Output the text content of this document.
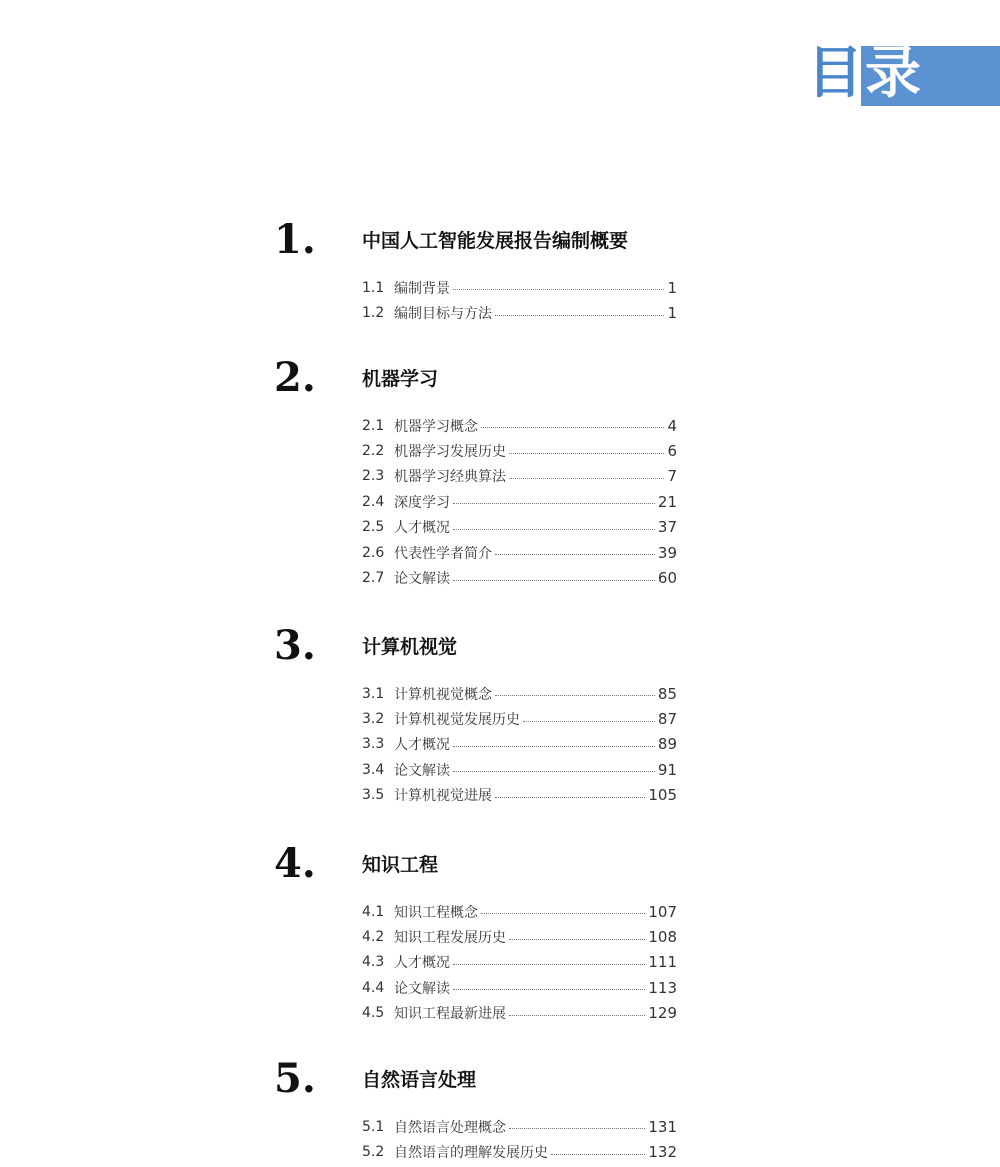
目录
1. 中国人工智能发展报告编制概要
1.1 编制背景	1
1.2 编制目标与方法	1
2. 机器学习
2.1 机器学习概念	4
2.2 机器学习发展历史	6
2.3 机器学习经典算法	7
2.4 深度学习	21
2.5 人才概况	37
2.6 代表性学者简介	39
2.7 论文解读	60
3. 计算机视觉
3.1 计算机视觉概念	85
3.2 计算机视觉发展历史	87
3.3 人才概况	89
3.4 论文解读	91
3.5 计算机视觉进展	105
4. 知识工程
4.1 知识工程概念	107
4.2 知识工程发展历史	108
4.3 人才概况	111
4.4 论文解读	113
4.5 知识工程最新进展	129
5. 自然语言处理
5.1 自然语言处理概念	131
5.2 自然语言的理解发展历史	132
